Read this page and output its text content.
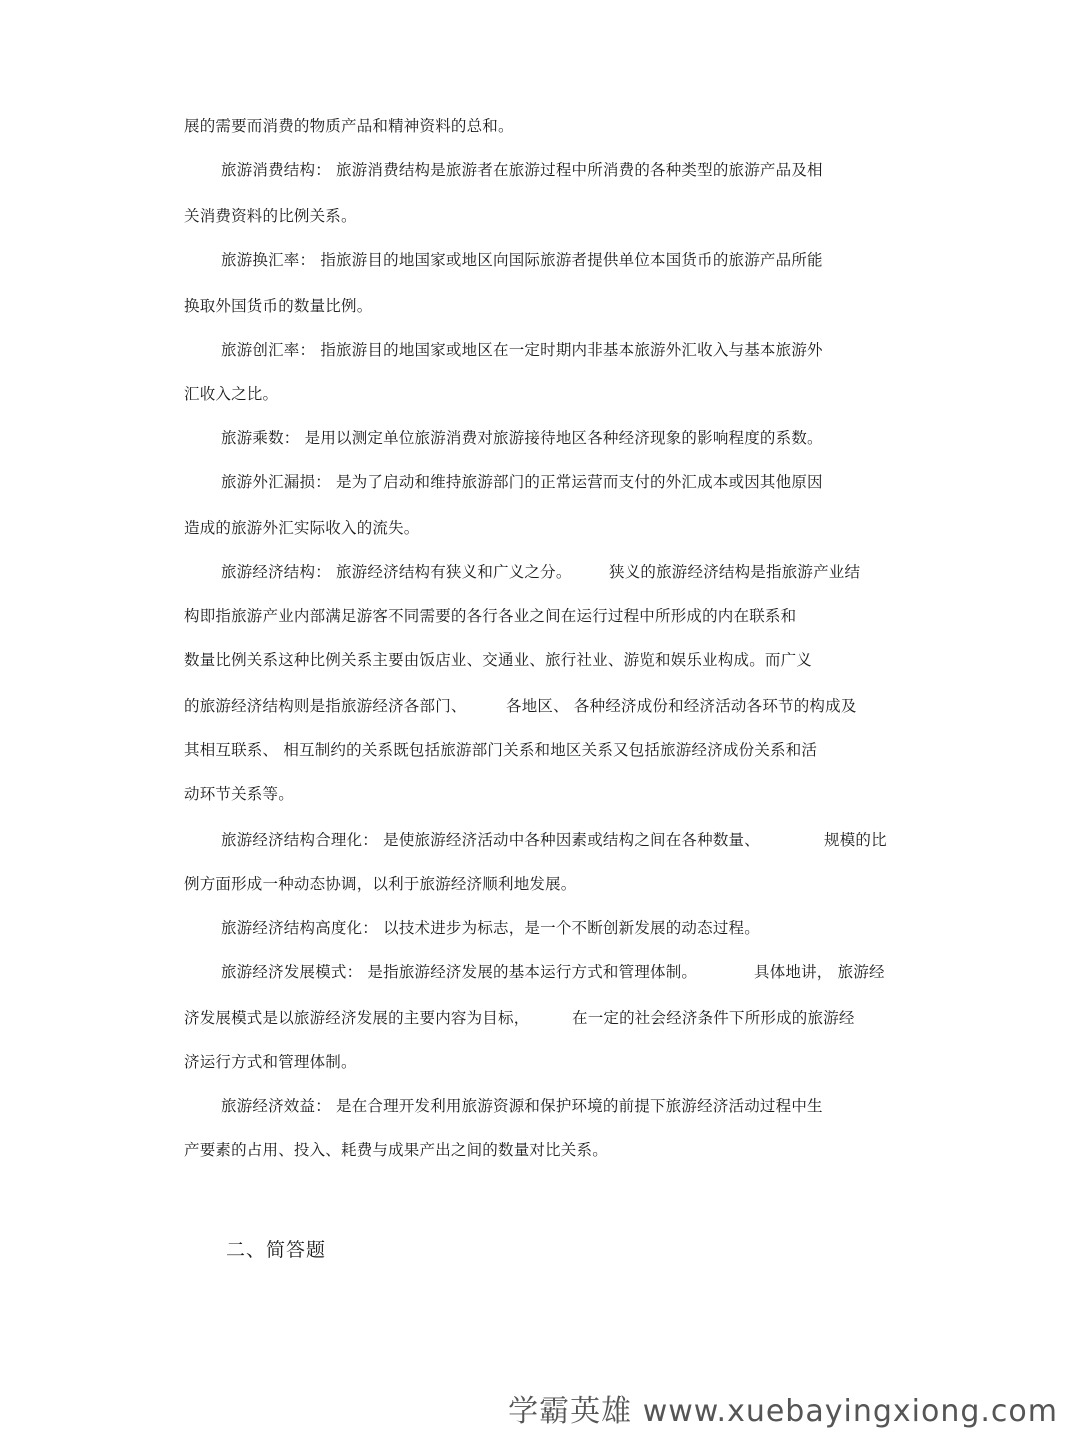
展的需要而消费的物质产品和精神资料的总和。
旅游消费结构： 旅游消费结构是旅游者在旅游过程中所消费的各种类型的旅游产品及相
关消费资料的比例关系。
旅游换汇率： 指旅游目的地国家或地区向国际旅游者提供单位本国货币的旅游产品所能
换取外国货币的数量比例。
旅游创汇率： 指旅游目的地国家或地区在一定时期内非基本旅游外汇收入与基本旅游外
汇收入之比。
旅游乘数： 是用以测定单位旅游消费对旅游接待地区各种经济现象的影响程度的系数。
旅游外汇漏损： 是为了启动和维持旅游部门的正常运营而支付的外汇成本或因其他原因
造成的旅游外汇实际收入的流失。
旅游经济结构： 旅游经济结构有狭义和广义之分。 狭义的旅游经济结构是指旅游产业结
构即指旅游产业内部满足游客不同需要的各行各业之间在运行过程中所形成的内在联系和
数量比例关系这种比例关系主要由饭店业、交通业、旅行社业、游览和娱乐业构成。而广义
的旅游经济结构则是指旅游经济各部门、	各地区、 各种经济成份和经济活动各环节的构成及
其相互联系、 相互制约的关系既包括旅游部门关系和地区关系又包括旅游经济成份关系和活
动环节关系等。
旅游经济结构合理化： 是使旅游经济活动中各种因素或结构之间在各种数量、	规模的比
例方面形成一种动态协调，以利于旅游经济顺利地发展。
旅游经济结构高度化： 以技术进步为标志，是一个不断创新发展的动态过程。
旅游经济发展模式： 是指旅游经济发展的基本运行方式和管理体制。	具体地讲， 旅游经
济发展模式是以旅游经济发展的主要内容为目标，	在一定的社会经济条件下所形成的旅游经
济运行方式和管理体制。
旅游经济效益： 是在合理开发利用旅游资源和保护环境的前提下旅游经济活动过程中生
产要素的占用、投入、耗费与成果产出之间的数量对比关系。
二、简答题
学霸英雄 www.xuebayingxiong.com
